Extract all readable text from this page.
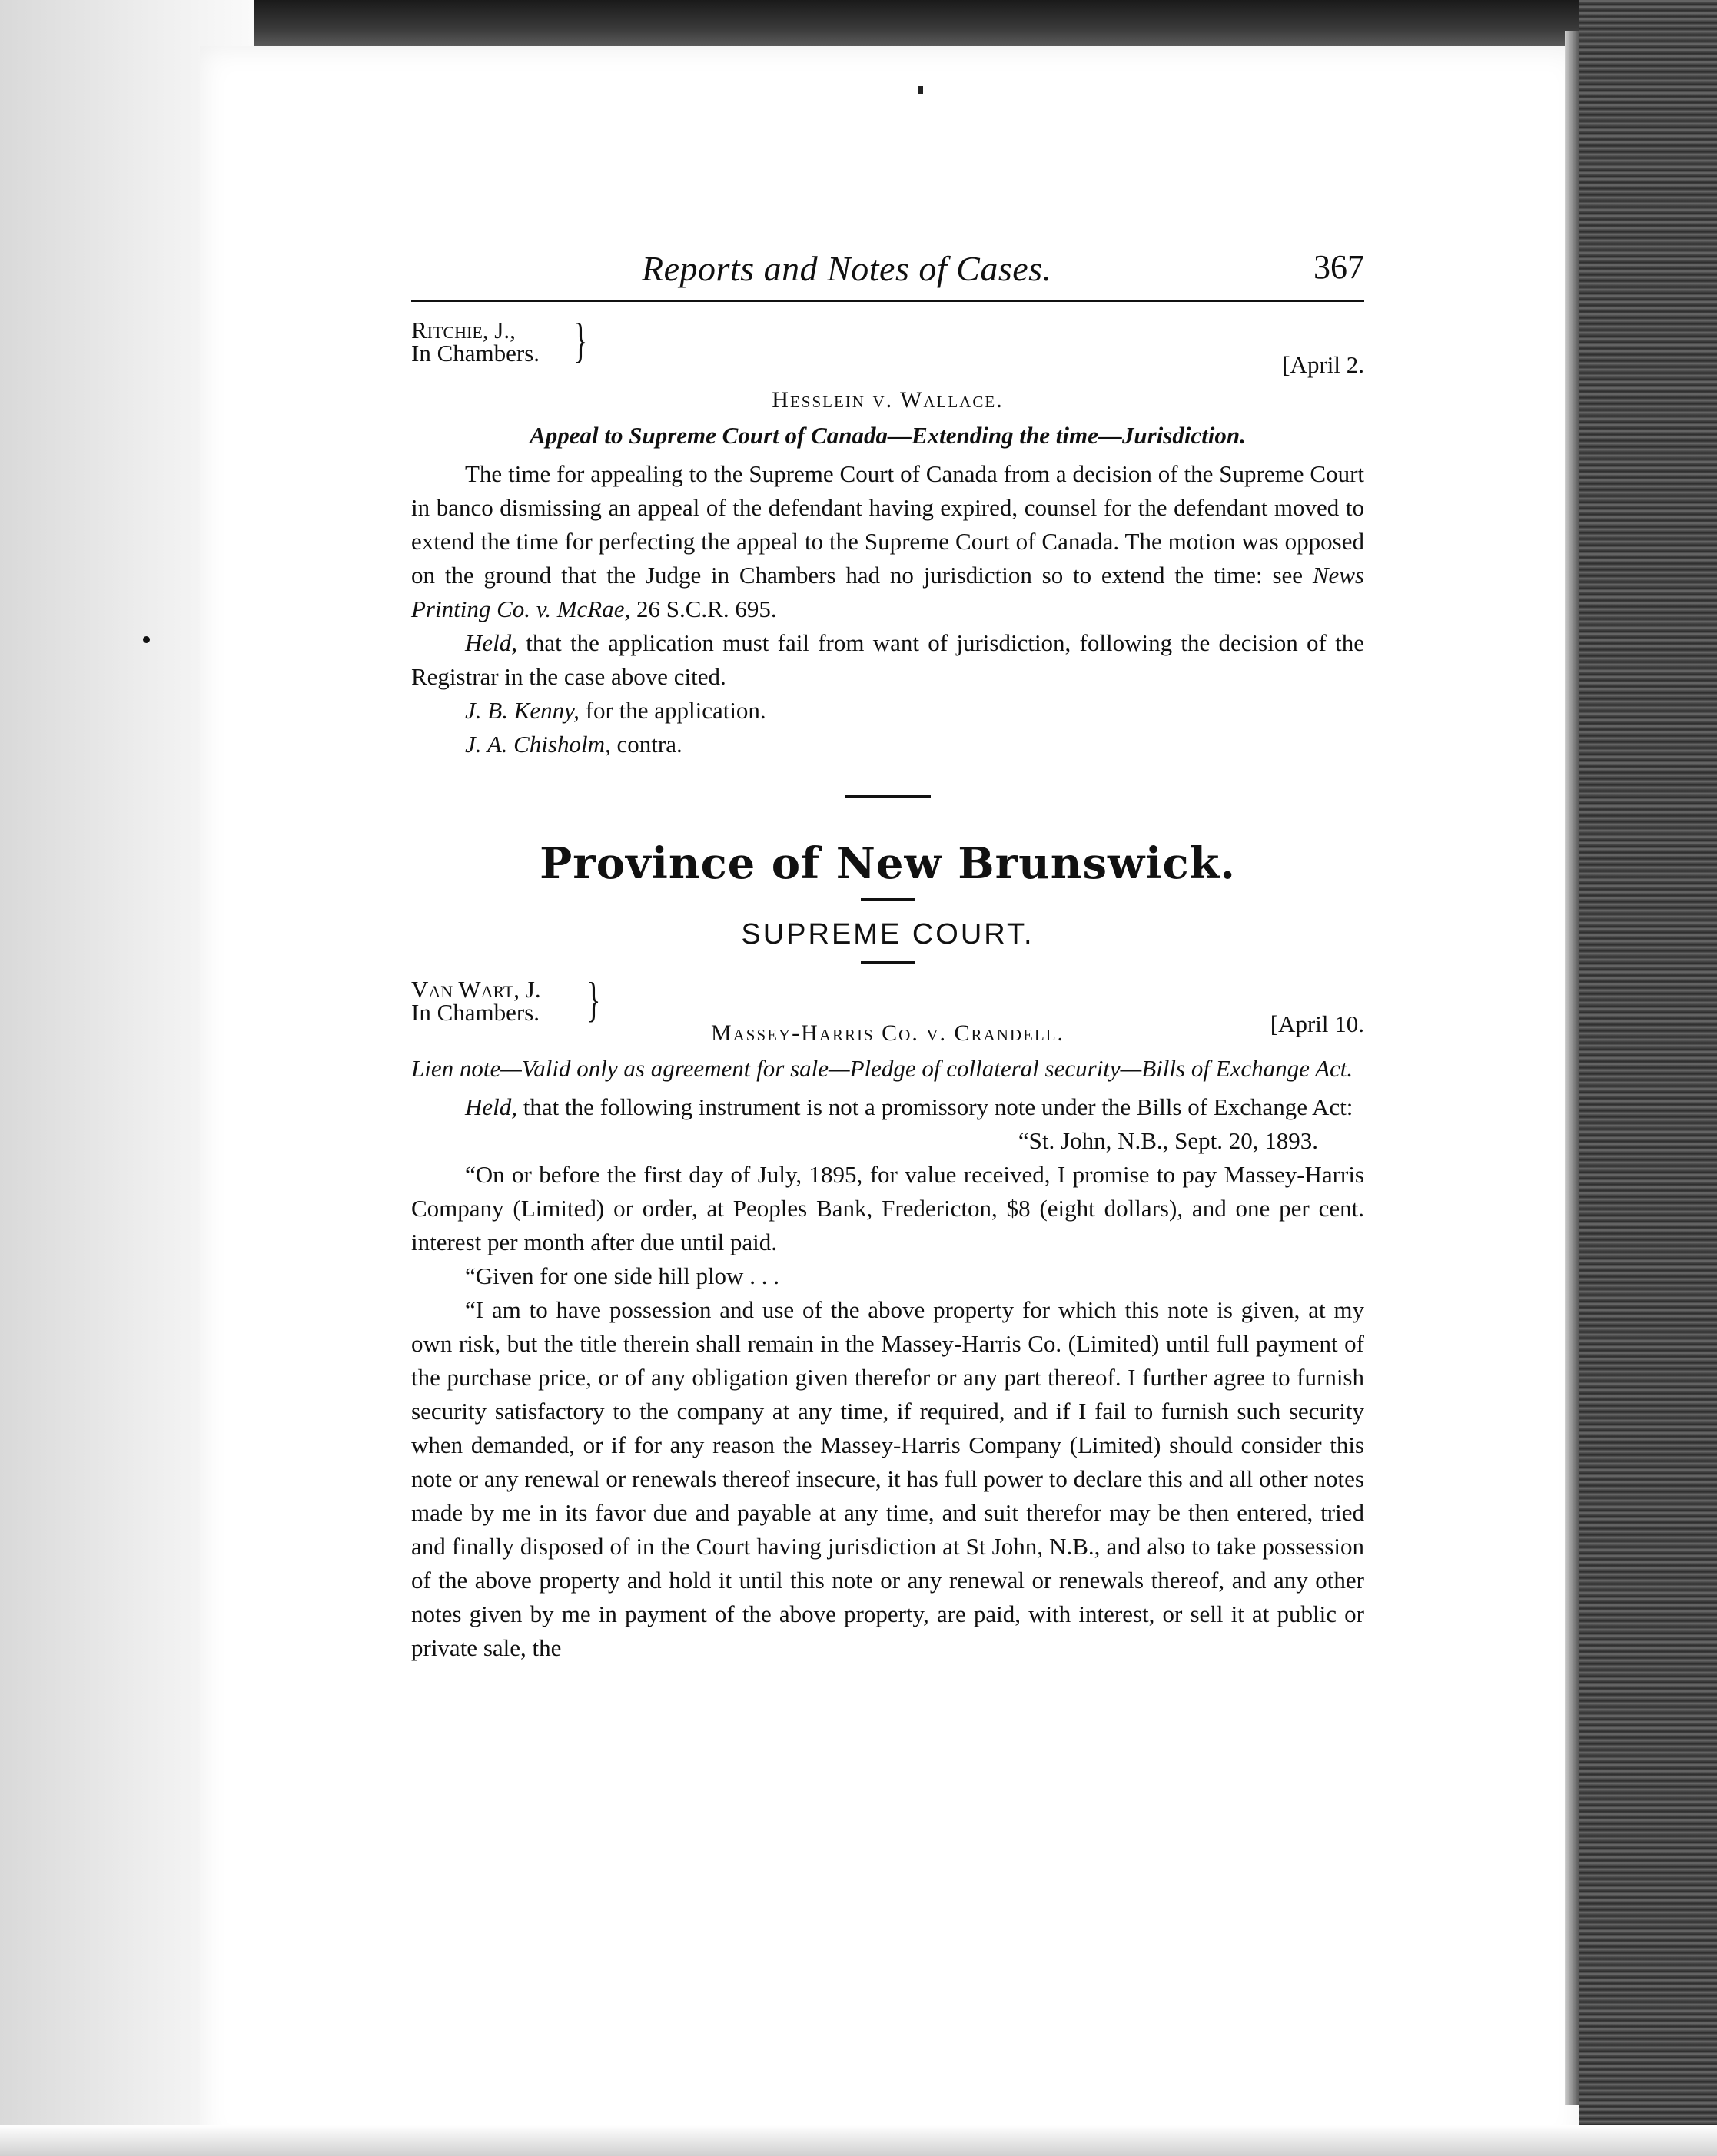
Reports and Notes of Cases.	367
Ritchie, J.,
In Chambers. }	[April 2.
Hesslein v. Wallace.
Appeal to Supreme Court of Canada—Extending the time—Jurisdiction.

The time for appealing to the Supreme Court of Canada from a decision of the Supreme Court in banco dismissing an appeal of the defendant having expired, counsel for the defendant moved to extend the time for perfecting the appeal to the Supreme Court of Canada. The motion was opposed on the ground that the Judge in Chambers had no jurisdiction so to extend the time: see News Printing Co. v. McRae, 26 S.C.R. 695.

Held, that the application must fail from want of jurisdiction, following the decision of the Registrar in the case above cited.

J. B. Kenny, for the application.

J. A. Chisholm, contra.

Province of New Brunswick.
SUPREME COURT.
Van Wart, J.
In Chambers. }	[April 10.
Massey-Harris Co. v. Crandell.
Lien note—Valid only as agreement for sale—Pledge of collateral security—Bills of Exchange Act.

Held, that the following instrument is not a promissory note under the Bills of Exchange Act:

“St. John, N.B., Sept. 20, 1893.

“On or before the first day of July, 1895, for value received, I promise to pay Massey-Harris Company (Limited) or order, at Peoples Bank, Fredericton, $8 (eight dollars), and one per cent. interest per month after due until paid.

“Given for one side hill plow . . .

“I am to have possession and use of the above property for which this note is given, at my own risk, but the title therein shall remain in the Massey-Harris Co. (Limited) until full payment of the purchase price, or of any obligation given therefor or any part thereof. I further agree to furnish security satisfactory to the company at any time, if required, and if I fail to furnish such security when demanded, or if for any reason the Massey-Harris Company (Limited) should consider this note or any renewal or renewals thereof insecure, it has full power to declare this and all other notes made by me in its favor due and payable at any time, and suit therefor may be then entered, tried and finally disposed of in the Court having jurisdiction at St John, N.B., and also to take possession of the above property and hold it until this note or any renewal or renewals thereof, and any other notes given by me in payment of the above property, are paid, with interest, or sell it at public or private sale, the
